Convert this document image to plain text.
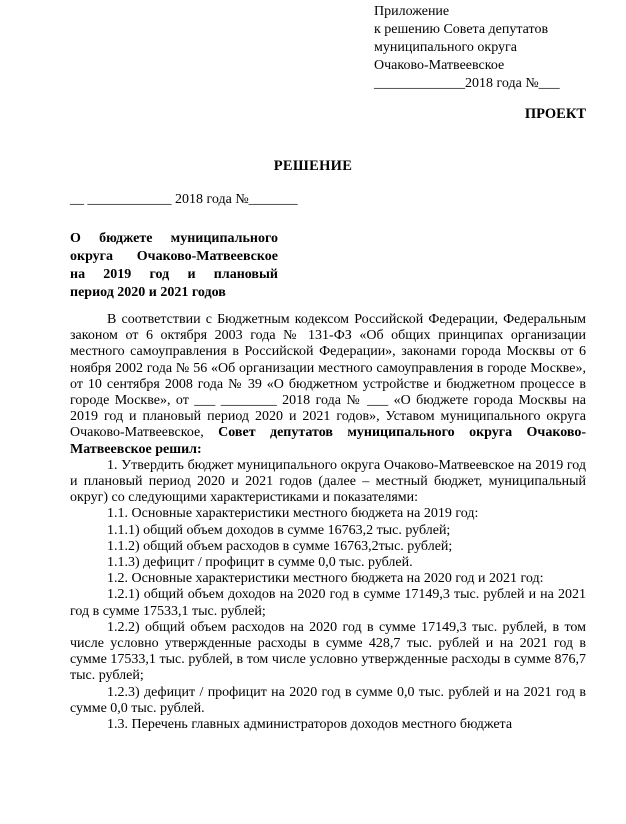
Приложение
к решению Совета депутатов
муниципального округа
Очаково-Матвеевское
_____________2018 года №___
ПРОЕКТ
РЕШЕНИЕ
__ ____________ 2018 года №_______
О бюджете муниципального
округа Очаково-Матвеевское
на 2019 год и плановый
период 2020 и 2021 годов

В соответствии с Бюджетным кодексом Российской Федерации, Федеральным законом от 6 октября 2003 года № 131-ФЗ «Об общих принципах организации местного самоуправления в Российской Федерации», законами города Москвы от 6 ноября 2002 года № 56 «Об организации местного самоуправления в городе Москве», от 10 сентября 2008 года № 39 «О бюджетном устройстве и бюджетном процессе в городе Москве», от ___ ________ 2018 года № ___ «О бюджете города Москвы на 2019 год и плановый период 2020 и 2021 годов», Уставом муниципального округа Очаково-Матвеевское, Совет депутатов муниципального округа Очаково-Матвеевское решил:

1. Утвердить бюджет муниципального округа Очаково-Матвеевское на 2019 год и плановый период 2020 и 2021 годов (далее – местный бюджет, муниципальный округ) со следующими характеристиками и показателями:

1.1. Основные характеристики местного бюджета на 2019 год:

1.1.1) общий объем доходов в сумме 16763,2 тыс. рублей;

1.1.2) общий объем расходов в сумме 16763,2тыс. рублей;

1.1.3) дефицит / профицит в сумме 0,0 тыс. рублей.

1.2. Основные характеристики местного бюджета на 2020 год и 2021 год:

1.2.1) общий объем доходов на 2020 год в сумме 17149,3 тыс. рублей и на 2021 год в сумме 17533,1 тыс. рублей;

1.2.2) общий объем расходов на 2020 год в сумме 17149,3 тыс. рублей, в том числе условно утвержденные расходы в сумме 428,7 тыс. рублей и на 2021 год в сумме 17533,1 тыс. рублей, в том числе условно утвержденные расходы в сумме 876,7 тыс. рублей;

1.2.3) дефицит / профицит на 2020 год в сумме 0,0 тыс. рублей и на 2021 год в сумме 0,0 тыс. рублей.

1.3. Перечень главных администраторов доходов местного бюджета
